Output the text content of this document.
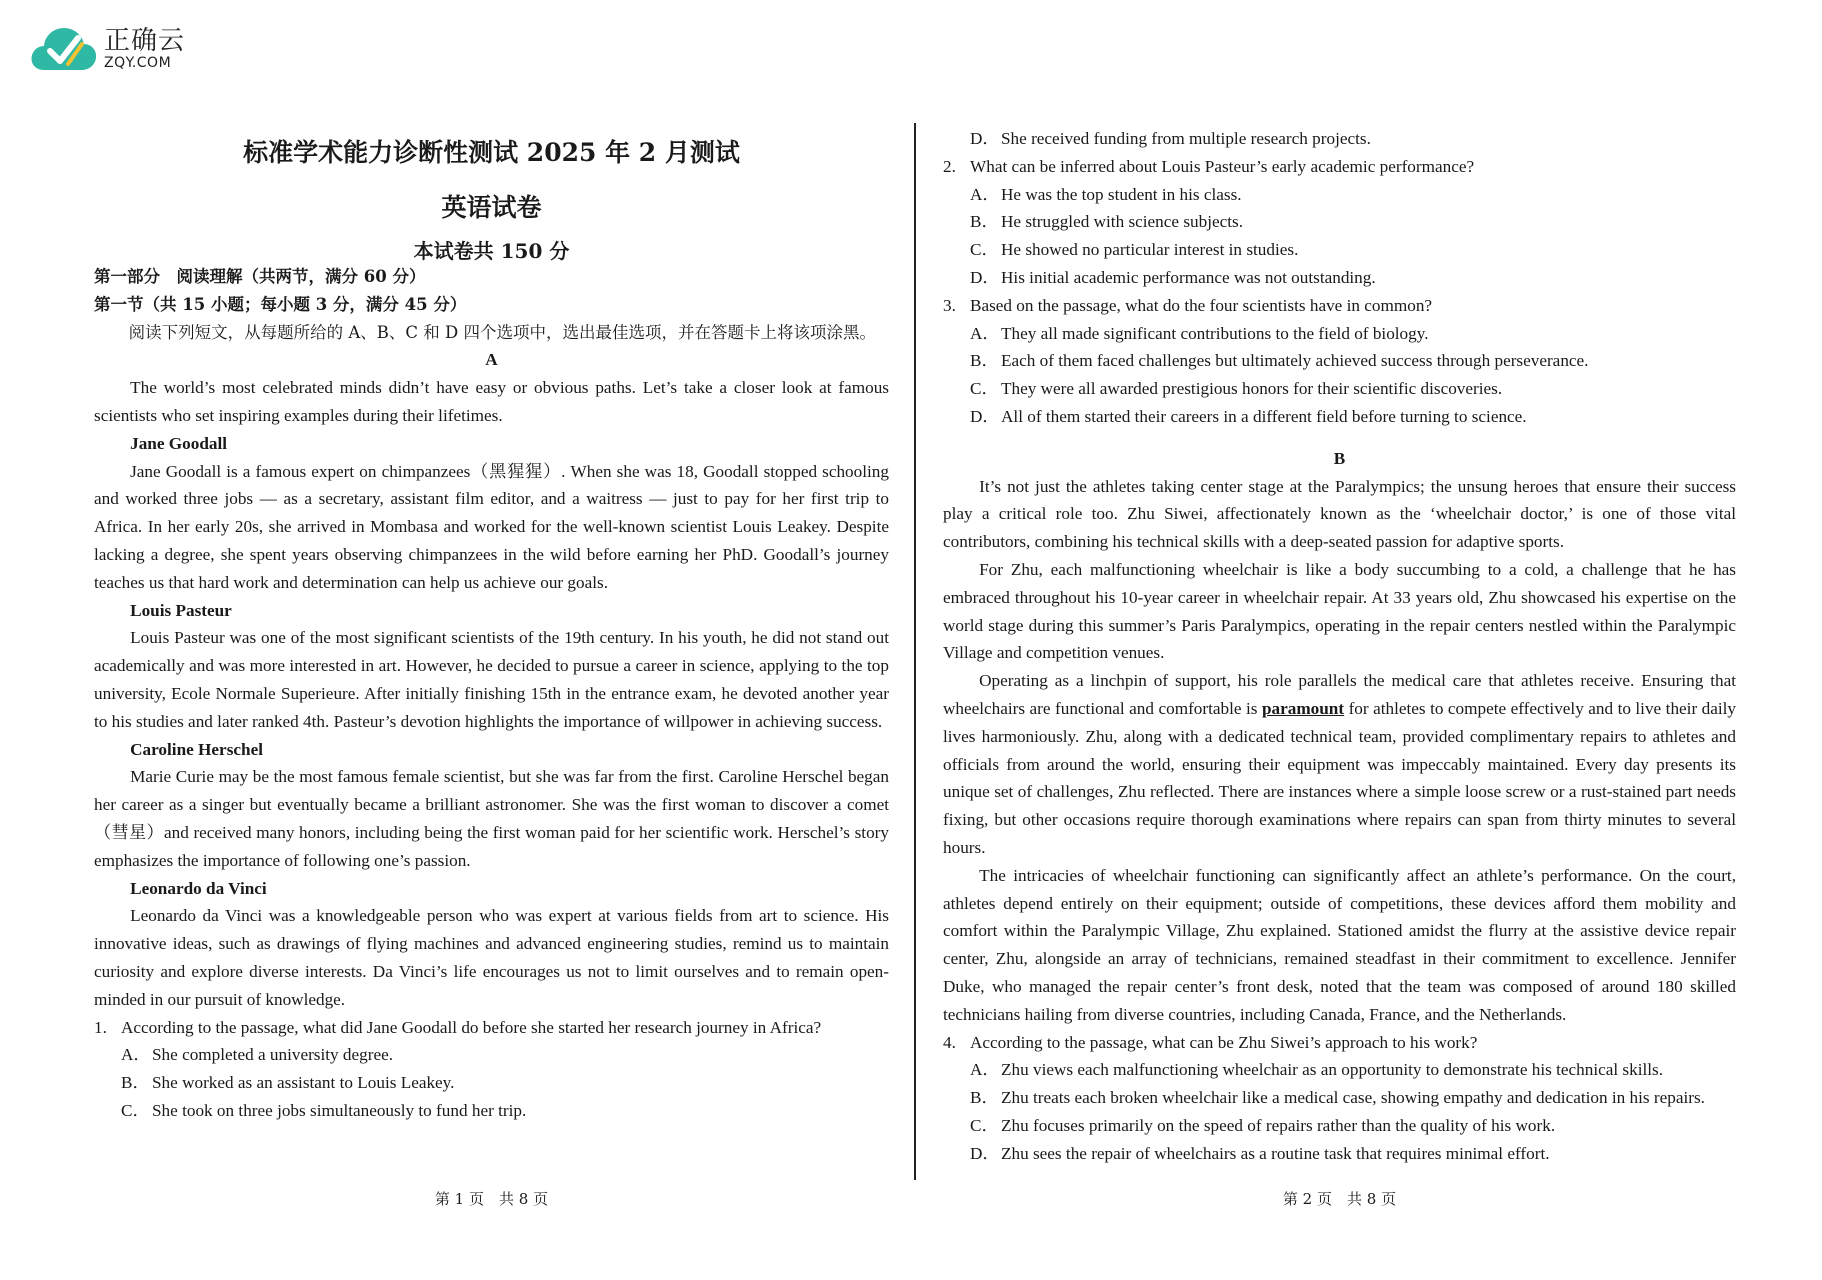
正确云
ZQY.COM
标准学术能力诊断性测试 2025 年 2 月测试
英语试卷
本试卷共 150 分

第一部分　阅读理解（共两节，满分 60 分）

第一节（共 15 小题；每小题 3 分，满分 45 分）

阅读下列短文，从每题所给的 A、B、C 和 D 四个选项中，选出最佳选项，并在答题卡上将该项涂黑。

A

The world’s most celebrated minds didn’t have easy or obvious paths. Let’s take a closer look at famous scientists who set inspiring examples during their lifetimes.

Jane Goodall

Jane Goodall is a famous expert on chimpanzees（黑猩猩）. When she was 18, Goodall stopped schooling and worked three jobs — as a secretary, assistant film editor, and a waitress — just to pay for her first trip to Africa. In her early 20s, she arrived in Mombasa and worked for the well-known scientist Louis Leakey. Despite lacking a degree, she spent years observing chimpanzees in the wild before earning her PhD. Goodall’s journey teaches us that hard work and determination can help us achieve our goals.

Louis Pasteur

Louis Pasteur was one of the most significant scientists of the 19th century. In his youth, he did not stand out academically and was more interested in art. However, he decided to pursue a career in science, applying to the top university, Ecole Normale Superieure. After initially finishing 15th in the entrance exam, he devoted another year to his studies and later ranked 4th. Pasteur’s devotion highlights the importance of willpower in achieving success.

Caroline Herschel

Marie Curie may be the most famous female scientist, but she was far from the first. Caroline Herschel began her career as a singer but eventually became a brilliant astronomer. She was the first woman to discover a comet（彗星）and received many honors, including being the first woman paid for her scientific work. Herschel’s story emphasizes the importance of following one’s passion.

Leonardo da Vinci

Leonardo da Vinci was a knowledgeable person who was expert at various fields from art to science. His innovative ideas, such as drawings of flying machines and advanced engineering studies, remind us to maintain curiosity and explore diverse interests. Da Vinci’s life encourages us not to limit ourselves and to remain open-minded in our pursuit of knowledge.

1. According to the passage, what did Jane Goodall do before she started her research journey in Africa?

A．She completed a university degree.

B． She worked as an assistant to Louis Leakey.

C． She took on three jobs simultaneously to fund her trip.

第 1 页　共 8 页

D．She received funding from multiple research projects.

2. What can be inferred about Louis Pasteur’s early academic performance?

A．He was the top student in his class.

B． He struggled with science subjects.

C． He showed no particular interest in studies.

D．His initial academic performance was not outstanding.

3. Based on the passage, what do the four scientists have in common?

A．They all made significant contributions to the field of biology.

B． Each of them faced challenges but ultimately achieved success through perseverance.

C． They were all awarded prestigious honors for their scientific discoveries.

D．All of them started their careers in a different field before turning to science.

B

It’s not just the athletes taking center stage at the Paralympics; the unsung heroes that ensure their success play a critical role too. Zhu Siwei, affectionately known as the ‘wheelchair doctor,’ is one of those vital contributors, combining his technical skills with a deep-seated passion for adaptive sports.

For Zhu, each malfunctioning wheelchair is like a body succumbing to a cold, a challenge that he has embraced throughout his 10-year career in wheelchair repair. At 33 years old, Zhu showcased his expertise on the world stage during this summer’s Paris Paralympics, operating in the repair centers nestled within the Paralympic Village and competition venues.

Operating as a linchpin of support, his role parallels the medical care that athletes receive. Ensuring that wheelchairs are functional and comfortable is paramount for athletes to compete effectively and to live their daily lives harmoniously. Zhu, along with a dedicated technical team, provided complimentary repairs to athletes and officials from around the world, ensuring their equipment was impeccably maintained. Every day presents its unique set of challenges, Zhu reflected. There are instances where a simple loose screw or a rust-stained part needs fixing, but other occasions require thorough examinations where repairs can span from thirty minutes to several hours.

The intricacies of wheelchair functioning can significantly affect an athlete’s performance. On the court, athletes depend entirely on their equipment; outside of competitions, these devices afford them mobility and comfort within the Paralympic Village, Zhu explained. Stationed amidst the flurry at the assistive device repair center, Zhu, alongside an array of technicians, remained steadfast in their commitment to excellence. Jennifer Duke, who managed the repair center’s front desk, noted that the team was composed of around 180 skilled technicians hailing from diverse countries, including Canada, France, and the Netherlands.

4. According to the passage, what can be Zhu Siwei’s approach to his work?

A．Zhu views each malfunctioning wheelchair as an opportunity to demonstrate his technical skills.

B． Zhu treats each broken wheelchair like a medical case, showing empathy and dedication in his repairs.

C． Zhu focuses primarily on the speed of repairs rather than the quality of his work.

D．Zhu sees the repair of wheelchairs as a routine task that requires minimal effort.

第 2 页　共 8 页
